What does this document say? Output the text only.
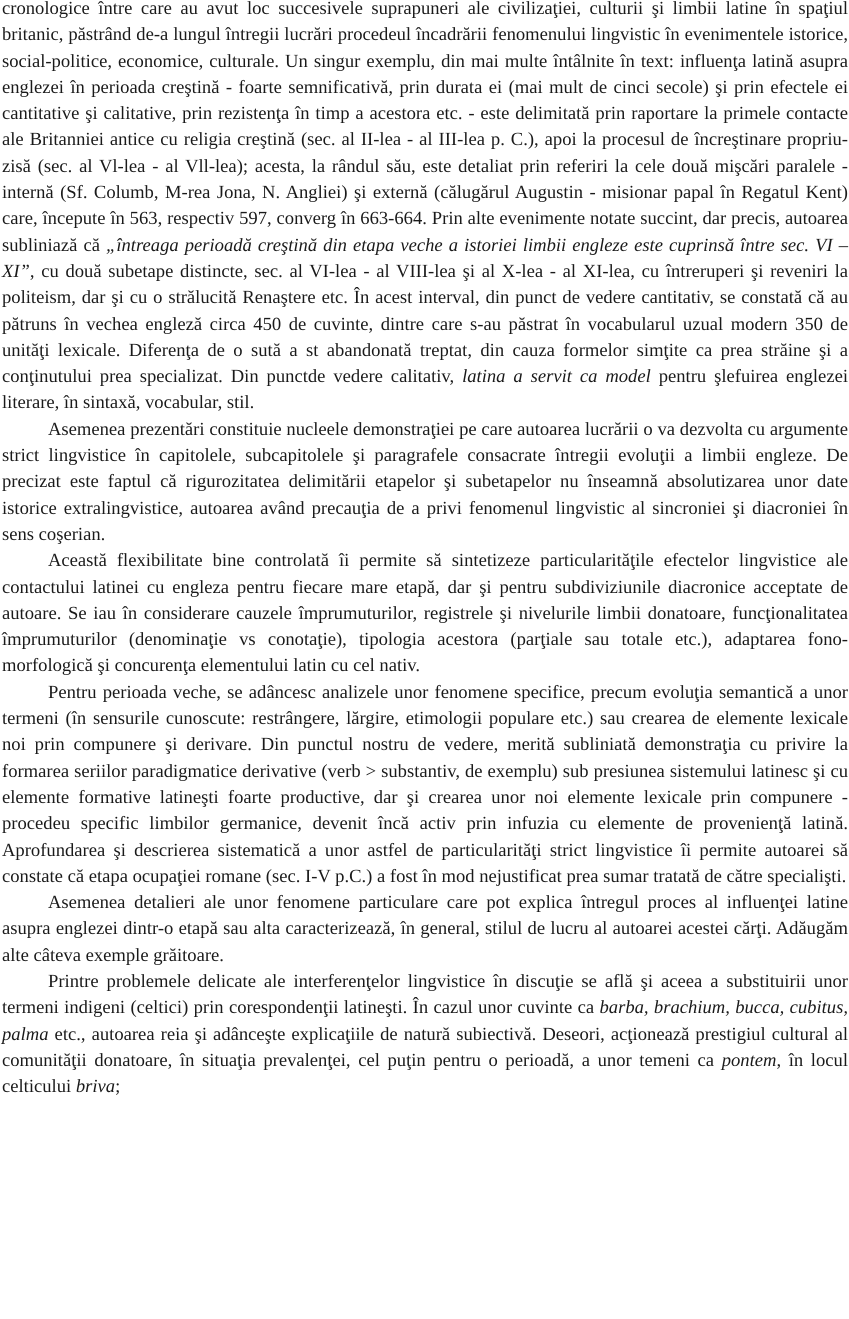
cronologice între care au avut loc succesivele suprapuneri ale civilizaţiei, culturii şi limbii latine în spaţiul britanic, păstrând de-a lungul întregii lucrări procedeul încadrării fenomenului lingvistic în evenimentele istorice, social-politice, economice, culturale. Un singur exemplu, din mai multe întâlnite în text: influenţa latină asupra englezei în perioada creştină - foarte semnificativă, prin durata ei (mai mult de cinci secole) şi prin efectele ei cantitative şi calitative, prin rezistenţa în timp a acestora etc. - este delimitată prin raportare la primele contacte ale Britanniei antice cu religia creştină (sec. al II-lea - al III-lea p. C.), apoi la procesul de încreştinare propriu-zisă (sec. al Vl-lea - al Vll-lea); acesta, la rândul său, este detaliat prin referiri la cele două mişcări paralele - internă (Sf. Columb, M-rea Jona, N. Angliei) şi externă (călugărul Augustin - misionar papal în Regatul Kent) care, începute în 563, respectiv 597, converg în 663-664. Prin alte evenimente notate succint, dar precis, autoarea subliniază că „întreaga perioadă creştină din etapa veche a istoriei limbii engleze este cuprinsă între sec. VI – XI”, cu două subetape distincte, sec. al VI-lea - al VIII-lea şi al X-lea - al XI-lea, cu întreruperi şi reveniri la politeism, dar şi cu o strălucită Renaştere etc. În acest interval, din punct de vedere cantitativ, se constată că au pătruns în vechea engleză circa 450 de cuvinte, dintre care s-au păstrat în vocabularul uzual modern 350 de unităţi lexicale. Diferenţa de o sută a st abandonată treptat, din cauza formelor simţite ca prea străine şi a conţinutului prea specializat. Din punctde vedere calitativ, latina a servit ca model pentru şlefuirea englezei literare, în sintaxă, vocabular, stil.

Asemenea prezentări constituie nucleele demonstraţiei pe care autoarea lucrării o va dezvolta cu argumente strict lingvistice în capitolele, subcapitolele şi paragrafele consacrate întregii evoluţii a limbii engleze. De precizat este faptul că rigurozitatea delimitării etapelor şi subetapelor nu înseamnă absolutizarea unor date istorice extralingvistice, autoarea având precauţia de a privi fenomenul lingvistic al sincroniei şi diacroniei în sens coşerian.

Această flexibilitate bine controlată îi permite să sintetizeze particularităţile efectelor lingvistice ale contactului latinei cu engleza pentru fiecare mare etapă, dar şi pentru subdiviziunile diacronice acceptate de autoare. Se iau în considerare cauzele împrumuturilor, registrele şi nivelurile limbii donatoare, funcţionalitatea împrumuturilor (denominaţie vs conotaţie), tipologia acestora (parţiale sau totale etc.), adaptarea fono-morfologică şi concurenţa elementului latin cu cel nativ.

Pentru perioada veche, se adâncesc analizele unor fenomene specifice, precum evoluţia semantică a unor termeni (în sensurile cunoscute: restrângere, lărgire, etimologii populare etc.) sau crearea de elemente lexicale noi prin compunere şi derivare. Din punctul nostru de vedere, merită subliniată demonstraţia cu privire la formarea seriilor paradigmatice derivative (verb > substantiv, de exemplu) sub presiunea sistemului latinesc şi cu elemente formative latineşti foarte productive, dar şi crearea unor noi elemente lexicale prin compunere - procedeu specific limbilor germanice, devenit încă activ prin infuzia cu elemente de provenienţă latină. Aprofundarea şi descrierea sistematică a unor astfel de particularităţi strict lingvistice îi permite autoarei să constate că etapa ocupaţiei romane (sec. I-V p.C.) a fost în mod nejustificat prea sumar tratată de către specialişti.

Asemenea detalieri ale unor fenomene particulare care pot explica întregul proces al influenţei latine asupra englezei dintr-o etapă sau alta caracterizează, în general, stilul de lucru al autoarei acestei cărţi. Adăugăm alte câteva exemple grăitoare.

Printre problemele delicate ale interferenţelor lingvistice în discuţie se află şi aceea a substituirii unor termeni indigeni (celtici) prin corespondenţii latineşti. În cazul unor cuvinte ca barba, brachium, bucca, cubitus, palma etc., autoarea reia şi adânceşte explicaţiile de natură subiectivă. Deseori, acţionează prestigiul cultural al comunităţii donatoare, în situaţia prevalenţei, cel puţin pentru o perioadă, a unor temeni ca pontem, în locul celticului briva;
